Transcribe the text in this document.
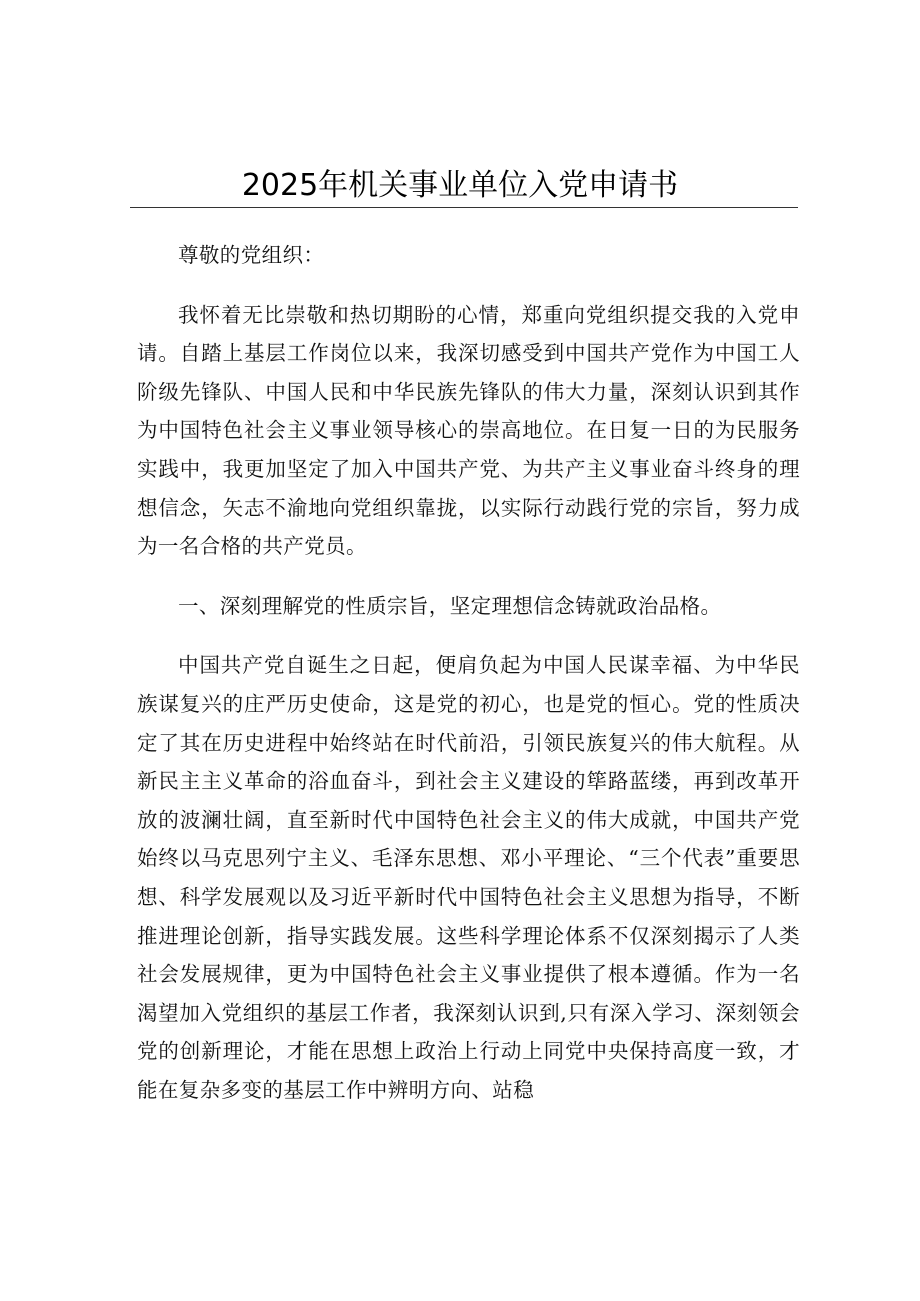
2025年机关事业单位入党申请书

尊敬的党组织：

我怀着无比崇敬和热切期盼的心情，郑重向党组织提交我的入党申请。自踏上基层工作岗位以来，我深切感受到中国共产党作为中国工人阶级先锋队、中国人民和中华民族先锋队的伟大力量，深刻认识到其作为中国特色社会主义事业领导核心的崇高地位。在日复一日的为民服务实践中，我更加坚定了加入中国共产党、为共产主义事业奋斗终身的理想信念，矢志不渝地向党组织靠拢，以实际行动践行党的宗旨，努力成为一名合格的共产党员。

一、深刻理解党的性质宗旨，坚定理想信念铸就政治品格。

中国共产党自诞生之日起，便肩负起为中国人民谋幸福、为中华民族谋复兴的庄严历史使命，这是党的初心，也是党的恒心。党的性质决定了其在历史进程中始终站在时代前沿，引领民族复兴的伟大航程。从新民主主义革命的浴血奋斗，到社会主义建设的筚路蓝缕，再到改革开放的波澜壮阔，直至新时代中国特色社会主义的伟大成就，中国共产党始终以马克思列宁主义、毛泽东思想、邓小平理论、“三个代表”重要思想、科学发展观以及习近平新时代中国特色社会主义思想为指导，不断推进理论创新，指导实践发展。这些科学理论体系不仅深刻揭示了人类社会发展规律，更为中国特色社会主义事业提供了根本遵循。作为一名渴望加入党组织的基层工作者，我深刻认识到,只有深入学习、深刻领会党的创新理论，才能在思想上政治上行动上同党中央保持高度一致，才能在复杂多变的基层工作中辨明方向、站稳
